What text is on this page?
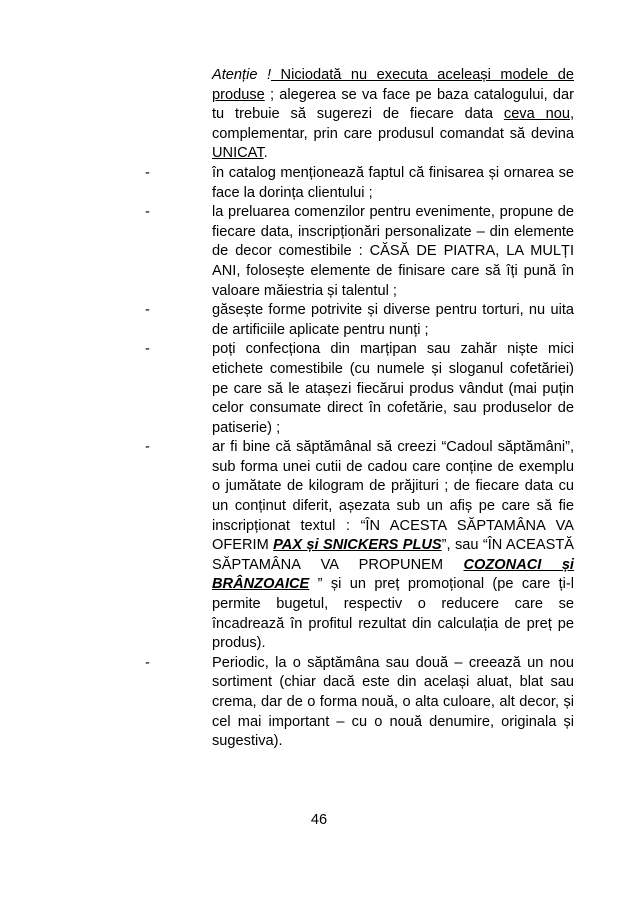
Atenție ! Niciodată nu executa aceleași modele de produse ; alegerea se va face pe baza catalogului, dar tu trebuie să sugerezi de fiecare data ceva nou, complementar, prin care produsul comandat să devina UNICAT.

-	în catalog menționează faptul că finisarea și ornarea se face la dorința clientului ;

-	la preluarea comenzilor pentru evenimente, propune de fiecare data, inscripționări personalizate – din elemente de decor comestibile : CĂSĂ DE PIATRA, LA MULȚI ANI, folosește elemente de finisare care să îți pună în valoare măiestria și talentul ;

-	găsește forme potrivite și diverse pentru torturi, nu uita de artificiile aplicate pentru nunți ;

-	poți confecționa din marțipan sau zahăr niște mici etichete comestibile (cu numele și sloganul cofetăriei) pe care să le atașezi fiecărui produs vândut (mai puțin celor consumate direct în cofetărie, sau produselor de patiserie) ;

-	ar fi bine că săptămânal să creezi “Cadoul săptămâni”, sub forma unei cutii de cadou care conține de exemplu o jumătate de kilogram de prăjituri ; de fiecare data cu un conținut diferit, așezata sub un afiș pe care să fie inscripționat textul : “ÎN ACESTA SĂPTAMÂNA VA OFERIM PAX și SNICKERS PLUS”, sau “ÎN ACEASTĂ SĂPTAMÂNA VA PROPUNEM COZONACI și BRÂNZOAICE ” și un preț promoțional (pe care ți-l permite bugetul, respectiv o reducere care se încadrează în profitul rezultat din calculația de preț pe produs).

-	Periodic, la o săptămâna sau două – creează un nou sortiment (chiar dacă este din același aluat, blat sau crema, dar de o forma nouă, o alta culoare, alt decor, și cel mai important – cu o nouă denumire, originala și sugestiva).

46
